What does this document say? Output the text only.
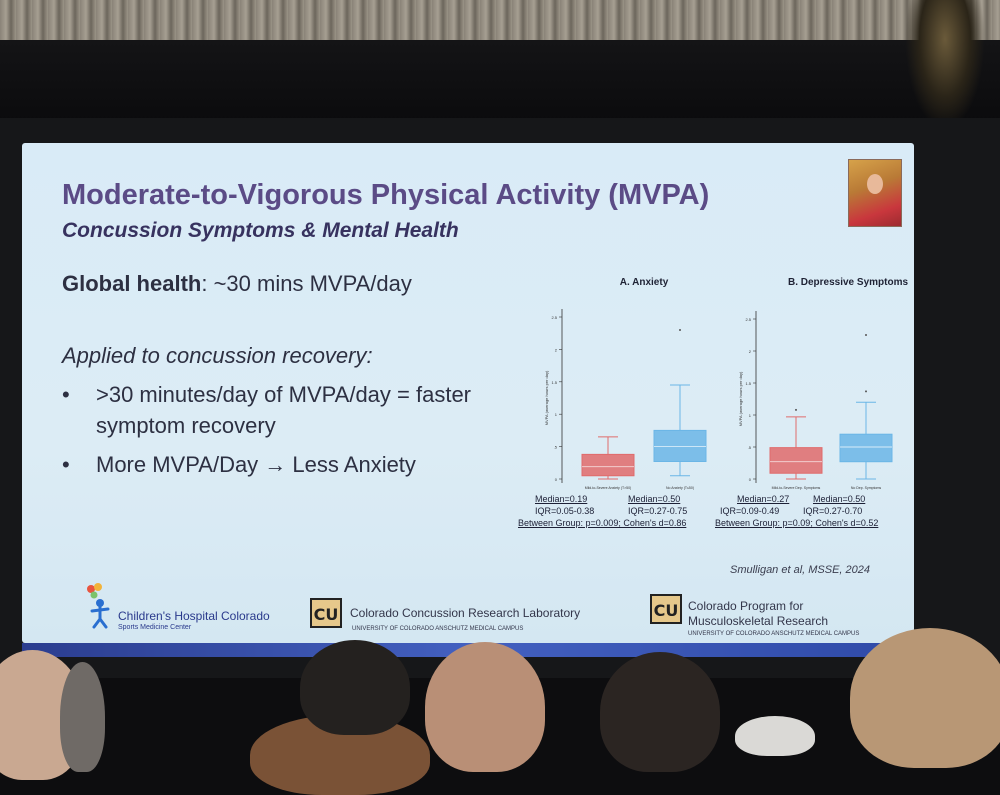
Moderate-to-Vigorous Physical Activity (MVPA)
Concussion Symptoms & Mental Health

Global health: ~30 mins MVPA/day

Applied to concussion recovery:

• >30 minutes/day of MVPA/day = faster symptom recovery
• More MVPA/Day → Less Anxiety
A. Anxiety
0
.5
1
1.5
2
2.5
MVPA (average hours per day)
Mild-to-Severe Anxiety (T>50)	No Anxiety (T≤50)
B. Depressive Symptoms
0
.5
1
1.5
2
2.5
MVPA (average hours per day)
Mild-to-Severe Dep. Symptoms	No Dep. Symptoms
Median=0.19
IQR=0.05-0.38
Median=0.50
IQR=0.27-0.75
Between Group: p=0.009; Cohen's d=0.86
Median=0.27
IQR=0.09-0.49
Median=0.50
IQR=0.27-0.70
Between Group: p=0.09; Cohen's d=0.52

Smulligan et al, MSSE, 2024

Children's Hospital Colorado
Sports Medicine Center
CU Colorado Concussion Research Laboratory
UNIVERSITY OF COLORADO ANSCHUTZ MEDICAL CAMPUS
CU Colorado Program for
Musculoskeletal Research
UNIVERSITY OF COLORADO ANSCHUTZ MEDICAL CAMPUS
